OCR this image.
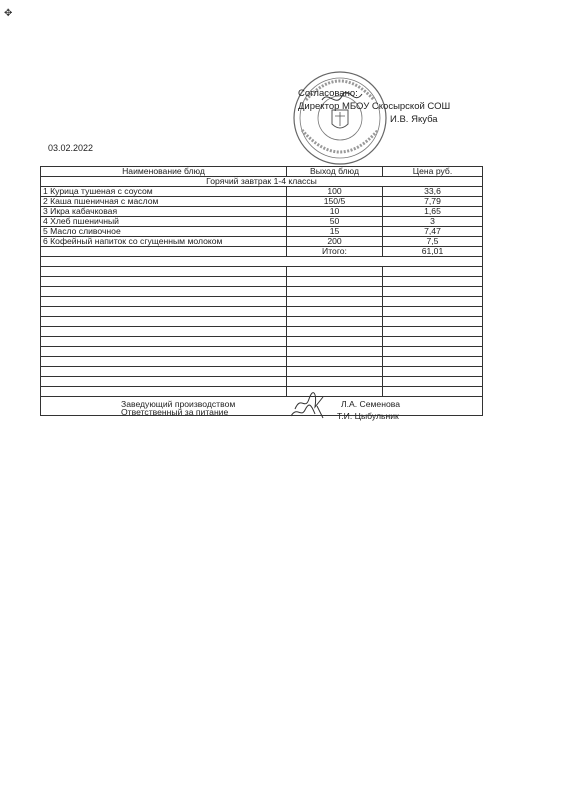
✥
Согласовано:
Директор МБОУ Скосырской СОШ
И.В. Якуба
03.02.2022
Наименование блюд	Выход блюд	Цена руб.
Горячий завтрак 1-4 классы		
1 Курица тушеная с соусом	100	33,6
2 Каша пшеничная с маслом	150/5	7,79
3 Икра кабачковая	10	1,65
4 Хлеб пшеничный	50	3
5 Масло сливочное	15	7,47
6 Кофейный напиток со сгущенным молоком	200	7,5
	Итого:	61,01

Заведующий производством Л.А. Семенова		

Ответственный за питание Т.И. Цыбульник		
